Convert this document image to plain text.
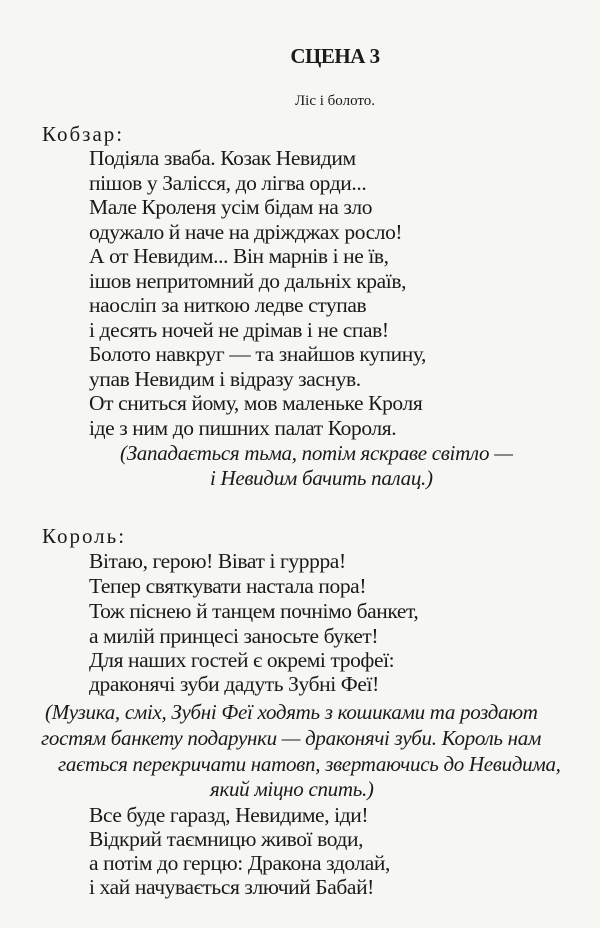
СЦЕНА 3
Ліс і болото.
Кобзар:
Подіяла зваба. Козак Невидим
пішов у Залісся, до лігва орди...
Мале Кроленя усім бідам на зло
одужало й наче на дріжджах росло!
А от Невидим... Він марнів і не їв,
ішов непритомний до дальніх країв,
наосліп за ниткою ледве ступав
і десять ночей не дрімав і не спав!
Болото навкруг — та знайшов купину,
упав Невидим і відразу заснув.
От сниться йому, мов маленьке Кроля
іде з ним до пишних палат Короля.
(Западається тьма, потім яскраве світло —
і Невидим бачить палац.)
Король:
Вітаю, герою! Віват і гуррра!
Тепер святкувати настала пора!
Тож піснею й танцем почнімо банкет,
а милій принцесі заносьте букет!
Для наших гостей є окремі трофеї:
драконячі зуби дадуть Зубні Феї!
(Музика, сміх, Зубні Феї ходять з кошиками та роздают
гостям банкету подарунки — драконячі зуби. Король нам
гається перекричати натовп, звертаючись до Невидима,
який міцно спить.)
Все буде гаразд, Невидиме, іди!
Відкрий таємницю живої води,
а потім до герцю: Дракона здолай,
і хай начувається злючий Бабай!
